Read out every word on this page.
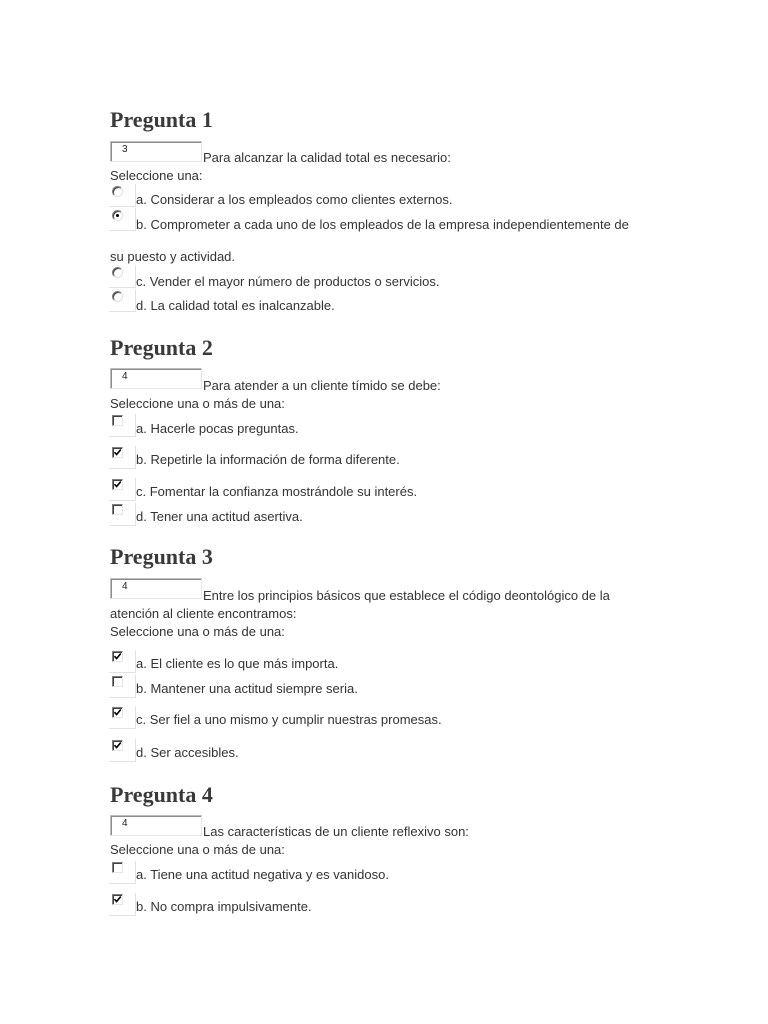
Pregunta 1
3
Para alcanzar la calidad total es necesario:
Seleccione una:
a. Considerar a los empleados como clientes externos.
b. Comprometer a cada uno de los empleados de la empresa independientemente de
su puesto y actividad.
c. Vender el mayor número de productos o servicios.
d. La calidad total es inalcanzable.
Pregunta 2
4
Para atender a un cliente tímido se debe:
Seleccione una o más de una:
a. Hacerle pocas preguntas.
b. Repetirle la información de forma diferente.
c. Fomentar la confianza mostrándole su interés.
d. Tener una actitud asertiva.
Pregunta 3
4
Entre los principios básicos que establece el código deontológico de la
atención al cliente encontramos:
Seleccione una o más de una:
a. El cliente es lo que más importa.
b. Mantener una actitud siempre seria.
c. Ser fiel a uno mismo y cumplir nuestras promesas.
d. Ser accesibles.
Pregunta 4
4
Las características de un cliente reflexivo son:
Seleccione una o más de una:
a. Tiene una actitud negativa y es vanidoso.
b. No compra impulsivamente.
